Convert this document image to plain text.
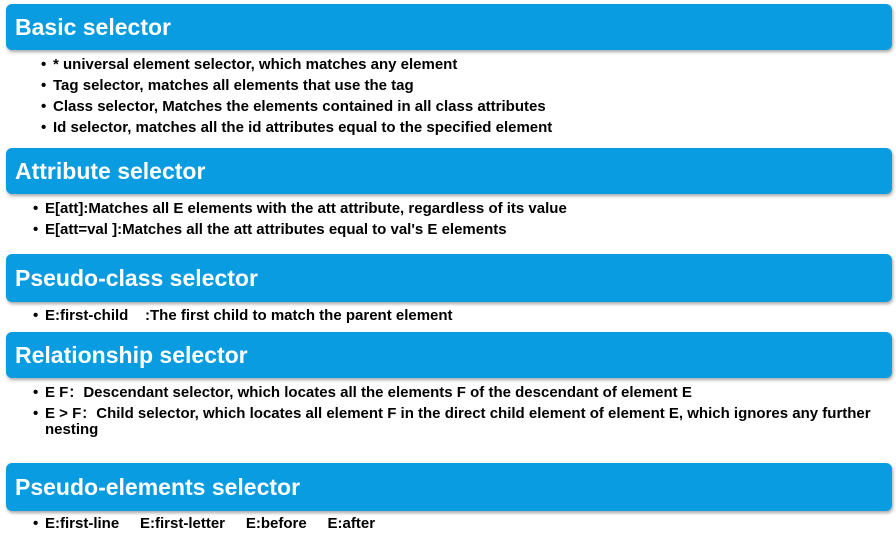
Basic selector
• * universal element selector, which matches any element
• Tag selector, matches all elements that use the tag
• Class selector, Matches the elements contained in all class attributes
• Id selector, matches all the id attributes equal to the specified element
Attribute selector
• E[att]:Matches all E elements with the att attribute, regardless of its value
• E[att=val ]:Matches all the att attributes equal to val's E elements
Pseudo-class selector
• E:first-child    :The first child to match the parent element
Relationship selector
• E F：Descendant selector, which locates all the elements F of the descendant of element E
• E > F：Child selector, which locates all element F in the direct child element of element E, which ignores any further nesting
Pseudo-elements selector
• E:first-line     E:first-letter     E:before     E:after
